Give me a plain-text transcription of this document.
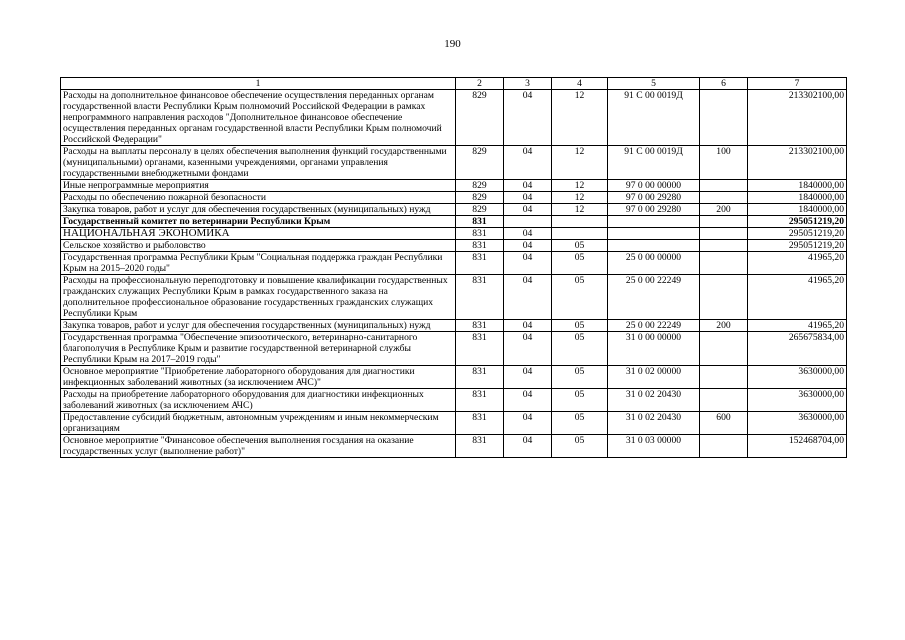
190
1	2	3	4	5	6	7
Расходы на дополнительное финансовое обеспечение осуществления переданных органам государственной власти Республики Крым полномочий Российской Федерации в рамках непрограммного направления расходов "Дополнительное финансовое обеспечение осуществления переданных органам государственной власти Республики Крым полномочий Российской Федерации"	829	04	12	91 С 00 0019Д		213302100,00
Расходы на выплаты персоналу в целях обеспечения выполнения функций государственными (муниципальными) органами, казенными учреждениями, органами управления государственными внебюджетными фондами	829	04	12	91 С 00 0019Д	100	213302100,00
Иные непрограммные мероприятия	829	04	12	97 0 00 00000		1840000,00
Расходы по обеспечению пожарной безопасности	829	04	12	97 0 00 29280		1840000,00
Закупка товаров, работ и услуг для обеспечения государственных (муниципальных) нужд	829	04	12	97 0 00 29280	200	1840000,00
Государственный комитет по ветеринарии Республики Крым	831					295051219,20
НАЦИОНАЛЬНАЯ ЭКОНОМИКА	831	04				295051219,20
Сельское хозяйство и рыболовство	831	04	05			295051219,20
Государственная программа Республики Крым "Социальная поддержка граждан Республики Крым на 2015–2020 годы"	831	04	05	25 0 00 00000		41965,20
Расходы на профессиональную переподготовку и повышение квалификации государственных гражданских служащих Республики Крым в рамках государственного заказа на дополнительное профессиональное образование государственных гражданских служащих Республики Крым	831	04	05	25 0 00 22249		41965,20
Закупка товаров, работ и услуг для обеспечения государственных (муниципальных) нужд	831	04	05	25 0 00 22249	200	41965,20
Государственная программа "Обеспечение эпизоотического, ветеринарно-санитарного благополучия в Республике Крым и развитие государственной ветеринарной службы Республики Крым на 2017–2019 годы"	831	04	05	31 0 00 00000		265675834,00
Основное мероприятие "Приобретение лабораторного оборудования для диагностики инфекционных заболеваний животных (за исключением АЧС)"	831	04	05	31 0 02 00000		3630000,00
Расходы на приобретение лабораторного оборудования для диагностики инфекционных заболеваний животных (за исключением АЧС)	831	04	05	31 0 02 20430		3630000,00
Предоставление субсидий бюджетным, автономным учреждениям и иным некоммерческим организациям	831	04	05	31 0 02 20430	600	3630000,00
Основное мероприятие "Финансовое обеспечения выполнения госздания на оказание государственных услуг (выполнение работ)"	831	04	05	31 0 03 00000		152468704,00
